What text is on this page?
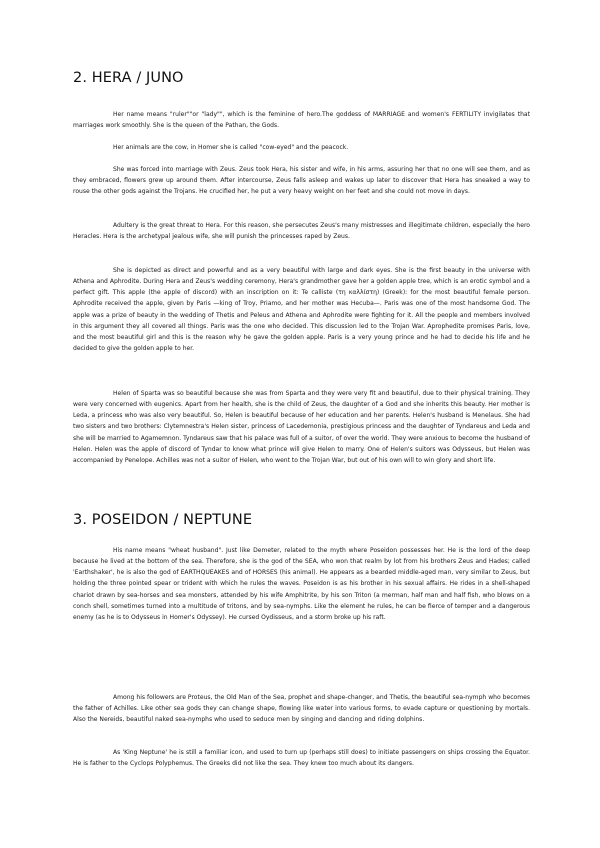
2. HERA / JUNO

Her name means "ruler""or "lady"", which is the feminine of hero.The goddess of MARRIAGE and women's FERTILITY invigilates that marriages work smoothly. She is the queen of the Pathan, the Gods.

Her animals are the cow, in Homer she is called "cow-eyed" and the peacock.

She was forced into marriage with Zeus. Zeus took Hera, his sister and wife, in his arms, assuring her that no one will see them, and as they embraced, flowers grew up around them. After intercourse, Zeus falls asleep and wakes up later to discover that Hera has sneaked a way to rouse the other gods against the Trojans. He crucified her, he put a very heavy weight on her feet and she could not move in days.

Adultery is the great threat to Hera. For this reason, she persecutes Zeus's many mistresses and illegitimate children, especially the hero Heracles. Hera is the archetypal jealous wife, she will punish the princesses raped by Zeus.

She is depicted as direct and powerful and as a very beautiful with large and dark eyes. She is the first beauty in the universe with Athena and Aphrodite. During Hera and Zeus's wedding ceremony, Hera's grandmother gave her a golden apple tree, which is an erotic symbol and a perfect gift. This apple (the apple of discord) with an inscription on it: Te calliste (τη καλλίστη) (Greek): for the most beautiful female person. Aphrodite received the apple, given by Paris —king of Troy, Priamo, and her mother was Hecuba—. Paris was one of the most handsome God. The apple was a prize of beauty in the wedding of Thetis and Peleus and Athena and Aphrodite were fighting for it. All the people and members involved in this argument they all covered all things. Paris was the one who decided. This discussion led to the Trojan War. Aprophedite promises Paris, love, and the most beautiful girl and this is the reason why he gave the golden apple. Paris is a very young prince and he had to decide his life and he decided to give the golden apple to her.

Helen of Sparta was so beautiful because she was from Sparta and they were very fit and beautiful, due to their physical training. They were very concerned with eugenics. Apart from her health, she is the child of Zeus, the daughter of a God and she inherits this beauty. Her mother is Leda, a princess who was also very beautiful. So, Helen is beautiful because of her education and her parents. Helen's husband is Menelaus. She had two sisters and two brothers: Clytemnestra's Helen sister, princess of Lacedemonia, prestigious princess and the daughter of Tyndareus and Leda and she will be married to Agamemnon. Tyndareus saw that his palace was full of a suitor, of over the world. They were anxious to become the husband of Helen. Helen was the apple of discord of Tyndar to know what prince will give Helen to marry. One of Helen's suitors was Odysseus, but Helen was accompanied by Penelope. Achilles was not a suitor of Helen, who went to the Trojan War, but out of his own will to win glory and short life.

3. POSEIDON / NEPTUNE

His name means "wheat husband". Just like Demeter, related to the myth where Poseidon possesses her. He is the lord of the deep because he lived at the bottom of the sea. Therefore, she is the god of the SEA, who won that realm by lot from his brothers Zeus and Hades; called 'Earthshaker', he is also the god of EARTHQUEAKES and of HORSES (his animal). He appears as a bearded middle-aged man, very similar to Zeus, but holding the three pointed spear or trident with which he rules the waves. Poseidon is as his brother in his sexual affairs. He rides in a shell-shaped chariot drawn by sea-horses and sea monsters, attended by his wife Amphitrite, by his son Triton (a merman, half man and half fish, who blows on a conch shell, sometimes turned into a multitude of tritons, and by sea-nymphs. Like the element he rules, he can be fierce of temper and a dangerous enemy (as he is to Odysseus in Homer's Odyssey). He cursed Oydisseus, and a storm broke up his raft.

Among his followers are Proteus, the Old Man of the Sea, prophet and shape-changer, and Thetis, the beautiful sea-nymph who becomes the father of Achilles. Like other sea gods they can change shape, flowing like water into various forms, to evade capture or questioning by mortals. Also the Nereids, beautiful naked sea-nymphs who used to seduce men by singing and dancing and riding dolphins.

As 'King Neptune' he is still a familiar icon, and used to turn up (perhaps still does) to initiate passengers on ships crossing the Equator. He is father to the Cyclops Polyphemus. The Greeks did not like the sea. They knew too much about its dangers.
